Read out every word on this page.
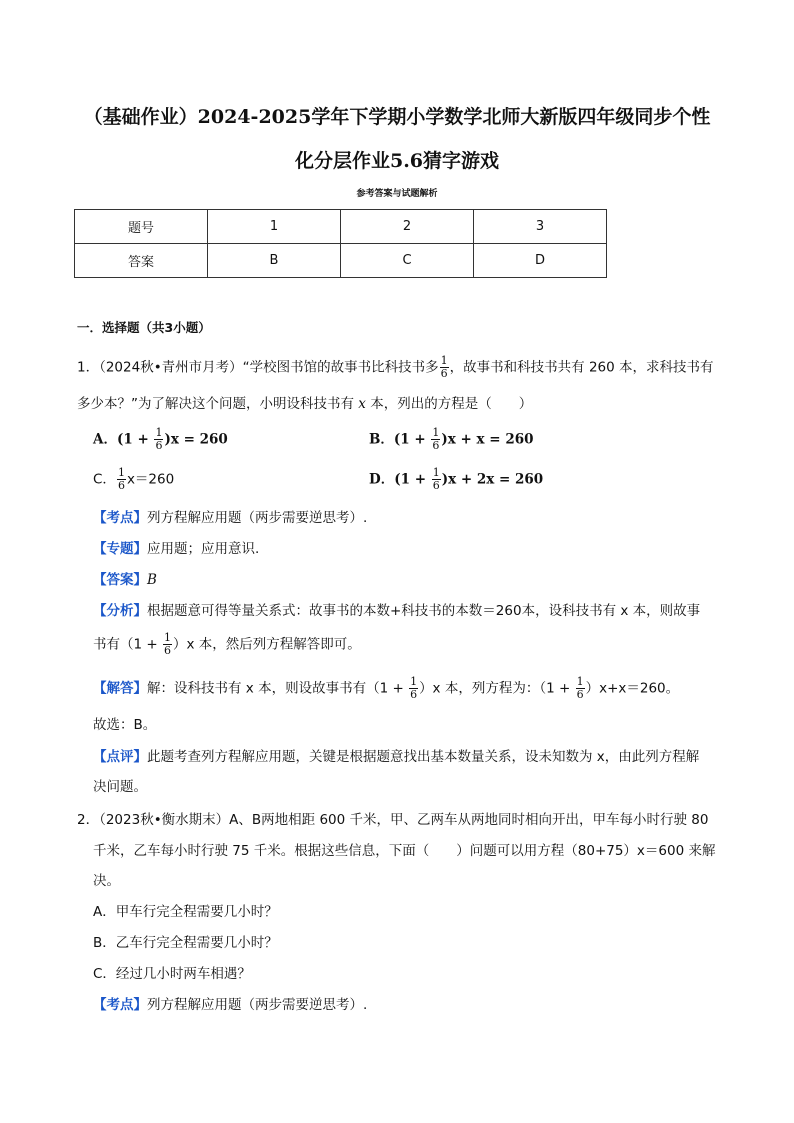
（基础作业）2024-2025学年下学期小学数学北师大新版四年级同步个性
化分层作业5.6猜字游戏
参考答案与试题解析
题号	1	2	3
答案	B	C	D
一．选择题（共3小题）
1．（2024秋•青州市月考）“学校图书馆的故事书比科技书多 $\frac{1}{6}$ ，故事书和科技书共有 260 本，求科技书有
多少本？”为了解决这个问题，小明设科技书有 x 本，列出的方程是（　　）
A．$(1 + \frac{1}{6} )x = 260$	B．$(1 + \frac{1}{6} )x + x = 260$
C． $\frac{1}{6} x=260$	D．$(1 + \frac{1}{6} )x + 2x = 260$
【考点】列方程解应用题（两步需要逆思考）.
【专题】应用题；应用意识.
【答案】B
【分析】根据题意可得等量关系式：故事书的本数+科技书的本数＝260本，设科技书有 x 本，则故事
书有$(1 + \frac{1}{6} )x$ 本，然后列方程解答即可。
【解答】解：设科技书有 x 本，则设故事书有$(1 + \frac{1}{6} )x$ 本，列方程为：$(1 + \frac{1}{6} )x+x=260$。
故选：B。
【点评】此题考查列方程解应用题，关键是根据题意找出基本数量关系，设未知数为 x，由此列方程解
决问题。
2．（2023秋•衡水期末）A、B两地相距 600 千米，甲、乙两车从两地同时相向开出，甲车每小时行驶 80
千米，乙车每小时行驶 75 千米。根据这些信息，下面（　　）问题可以用方程（80+75）x＝600 来解
决。
A．甲车行完全程需要几小时？
B．乙车行完全程需要几小时？
C．经过几小时两车相遇？
【考点】列方程解应用题（两步需要逆思考）.
